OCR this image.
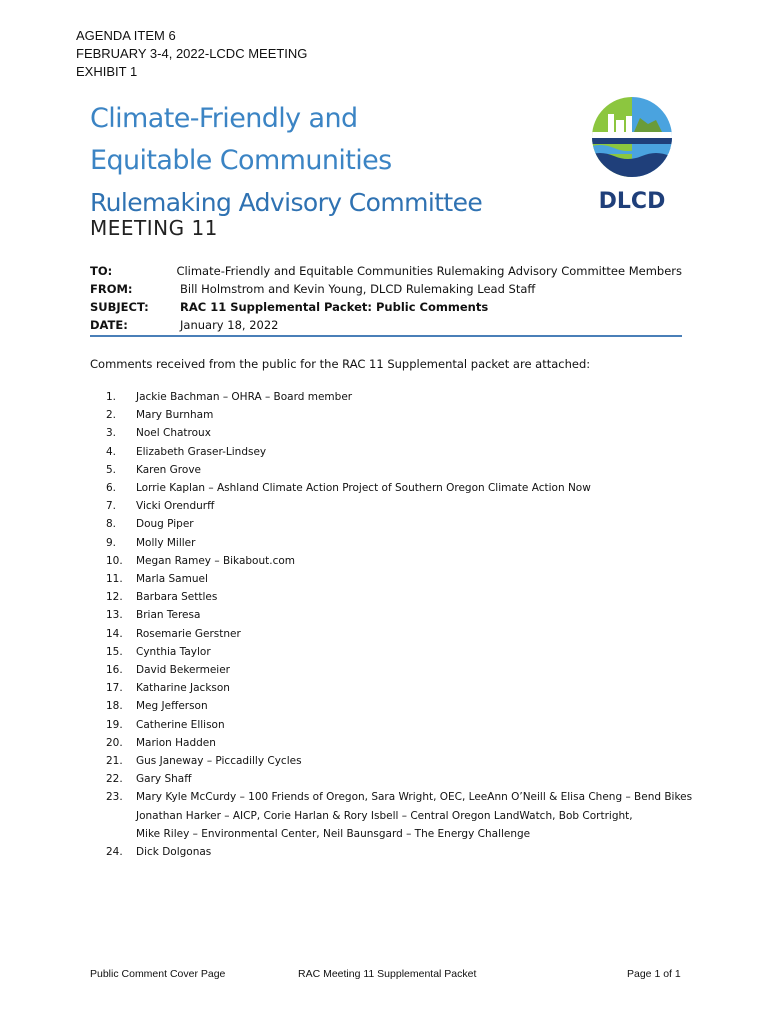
AGENDA ITEM 6
FEBRUARY 3-4, 2022-LCDC MEETING
EXHIBIT 1
Climate-Friendly and
Equitable Communities
Rulemaking Advisory Committee
MEETING 11
DLCD
TO:	Climate-Friendly and Equitable Communities Rulemaking Advisory Committee Members
FROM:	Bill Holmstrom and Kevin Young, DLCD Rulemaking Lead Staff
SUBJECT:	RAC 11 Supplemental Packet: Public Comments
DATE:	January 18, 2022
Comments received from the public for the RAC 11 Supplemental packet are attached:
1.	Jackie Bachman – OHRA – Board member
2.	Mary Burnham
3.	Noel Chatroux
4.	Elizabeth Graser-Lindsey
5.	Karen Grove
6.	Lorrie Kaplan – Ashland Climate Action Project of Southern Oregon Climate Action Now
7.	Vicki Orendurff
8.	Doug Piper
9.	Molly Miller
10.	Megan Ramey – Bikabout.com
11.	Marla Samuel
12.	Barbara Settles
13.	Brian Teresa
14.	Rosemarie Gerstner
15.	Cynthia Taylor
16.	David Bekermeier
17.	Katharine Jackson
18.	Meg Jefferson
19.	Catherine Ellison
20.	Marion Hadden
21.	Gus Janeway – Piccadilly Cycles
22.	Gary Shaff
23.	Mary Kyle McCurdy – 100 Friends of Oregon, Sara Wright, OEC, LeeAnn O’Neill & Elisa Cheng – Bend Bikes
Jonathan Harker – AICP, Corie Harlan & Rory Isbell – Central Oregon LandWatch, Bob Cortright,
Mike Riley – Environmental Center, Neil Baunsgard – The Energy Challenge
24.	Dick Dolgonas
Public Comment Cover Page	RAC Meeting 11 Supplemental Packet	Page 1 of 1
